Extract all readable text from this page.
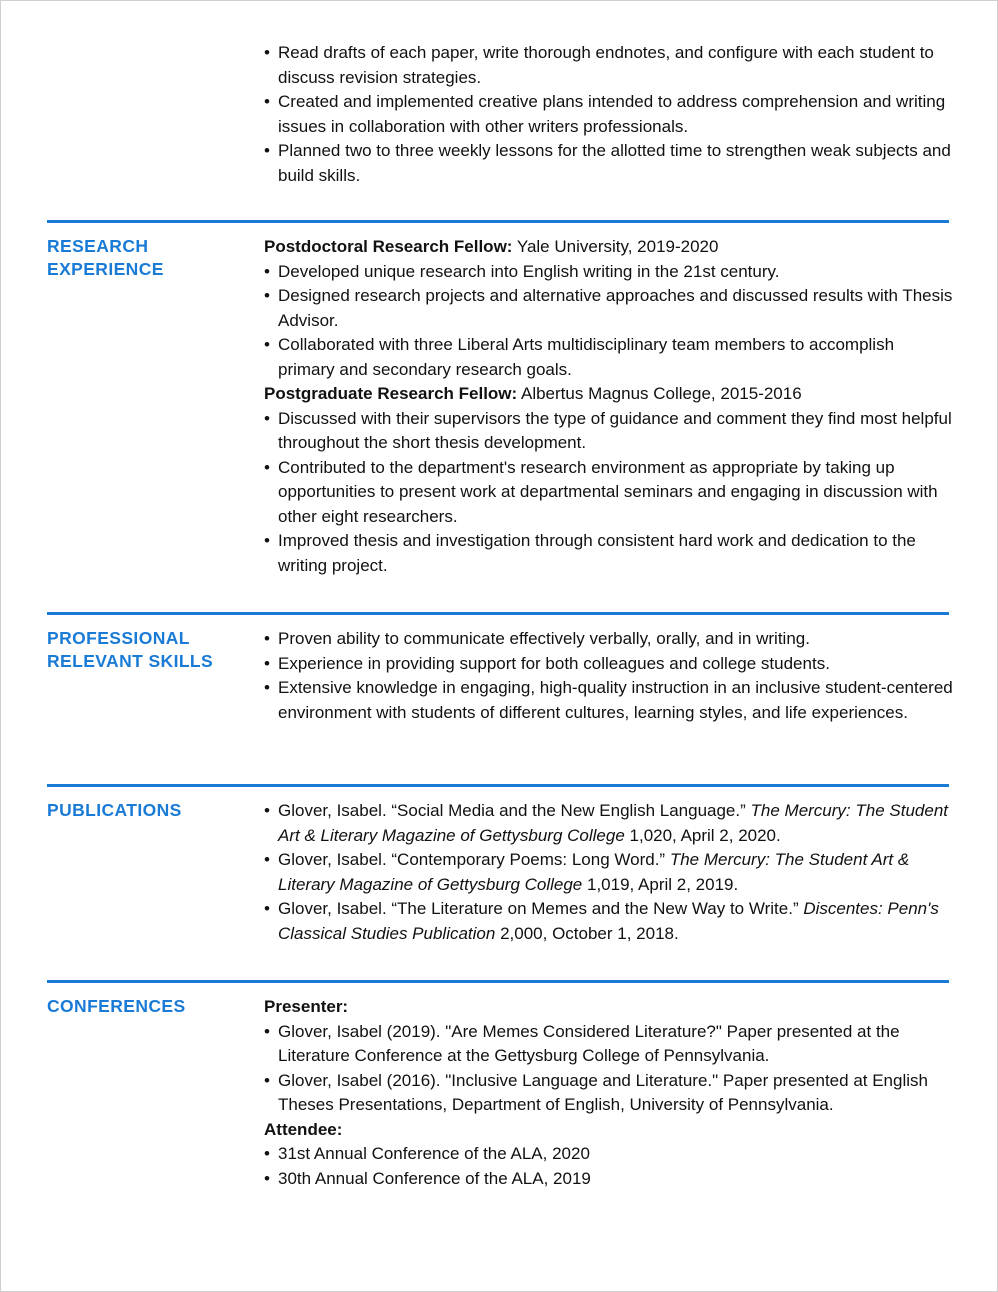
• Read drafts of each paper, write thorough endnotes, and configure with each student to discuss revision strategies.
• Created and implemented creative plans intended to address comprehension and writing issues in collaboration with other writers professionals.
• Planned two to three weekly lessons for the allotted time to strengthen weak subjects and build skills.
RESEARCH EXPERIENCE
Postdoctoral Research Fellow: Yale University, 2019-2020
• Developed unique research into English writing in the 21st century.
• Designed research projects and alternative approaches and discussed results with Thesis Advisor.
• Collaborated with three Liberal Arts multidisciplinary team members to accomplish primary and secondary research goals.
Postgraduate Research Fellow: Albertus Magnus College, 2015-2016
• Discussed with their supervisors the type of guidance and comment they find most helpful throughout the short thesis development.
• Contributed to the department's research environment as appropriate by taking up opportunities to present work at departmental seminars and engaging in discussion with other eight researchers.
• Improved thesis and investigation through consistent hard work and dedication to the writing project.
PROFESSIONAL RELEVANT SKILLS
• Proven ability to communicate effectively verbally, orally, and in writing.
• Experience in providing support for both colleagues and college students.
• Extensive knowledge in engaging, high-quality instruction in an inclusive student-centered environment with students of different cultures, learning styles, and life experiences.
PUBLICATIONS
•	Glover, Isabel. “Social Media and the New English Language.” The Mercury: The Student Art & Literary Magazine of Gettysburg College 1,020, April 2, 2020.
• Glover, Isabel. “Contemporary Poems: Long Word.” The Mercury: The Student Art & Literary Magazine of Gettysburg College 1,019, April 2, 2019.
• Glover, Isabel. “The Literature on Memes and the New Way to Write.” Discentes: Penn's Classical Studies Publication 2,000, October 1, 2018.
CONFERENCES	Presenter:
• Glover, Isabel (2019). "Are Memes Considered Literature?" Paper presented at the Literature Conference at the Gettysburg College of Pennsylvania.
• Glover, Isabel (2016). "Inclusive Language and Literature." Paper presented at English Theses Presentations, Department of English, University of Pennsylvania.
Attendee:
• 31st Annual Conference of the ALA, 2020
• 30th Annual Conference of the ALA, 2019
